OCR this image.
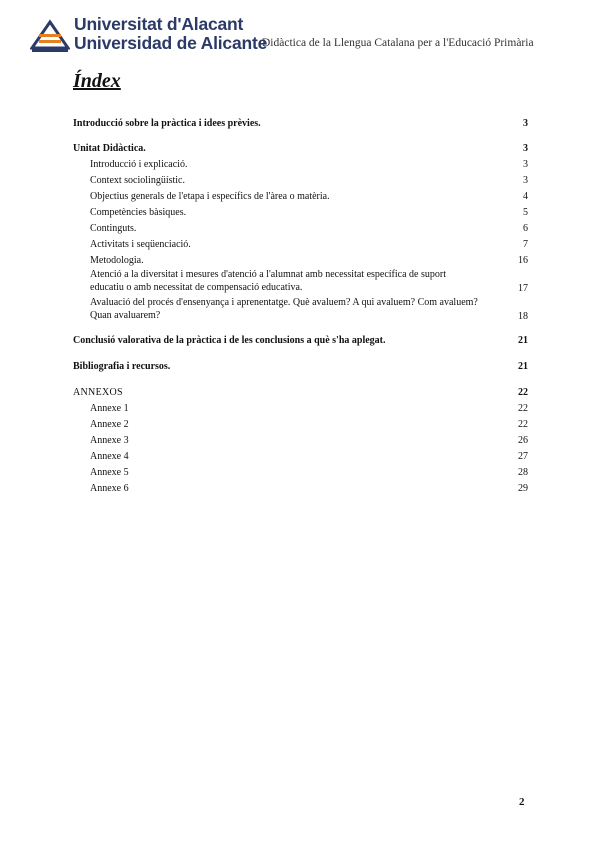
Universitat d'Alacant
Universidad de Alicante
Didàctica de la Llengua Catalana per a l'Educació Primària
Índex
Introducció sobre la pràctica i idees prèvies.	3
Unitat Didàctica.	3
Introducció i explicació.	3
Context sociolingüístic.	3
Objectius generals de l'etapa i específics de l'àrea o matèria.	4
Competències bàsiques.	5
Continguts.	6
Activitats i seqüenciació.	7
Metodologia.	16
Atenció a la diversitat i mesures d'atenció a l'alumnat amb necessitat específica de suport
educatiu o amb necessitat de compensació educativa.	17
Avaluació del procés d'ensenyança i aprenentatge. Què avaluem? A qui avaluem? Com avaluem?
Quan avaluarem?	18
Conclusió valorativa de la pràctica i de les conclusions a què s'ha aplegat.	21
Bibliografia i recursos.	21
ANNEXOS	22
Annexe 1	22
Annexe 2	22
Annexe 3	26
Annexe 4	27
Annexe 5	28
Annexe 6	29
2
